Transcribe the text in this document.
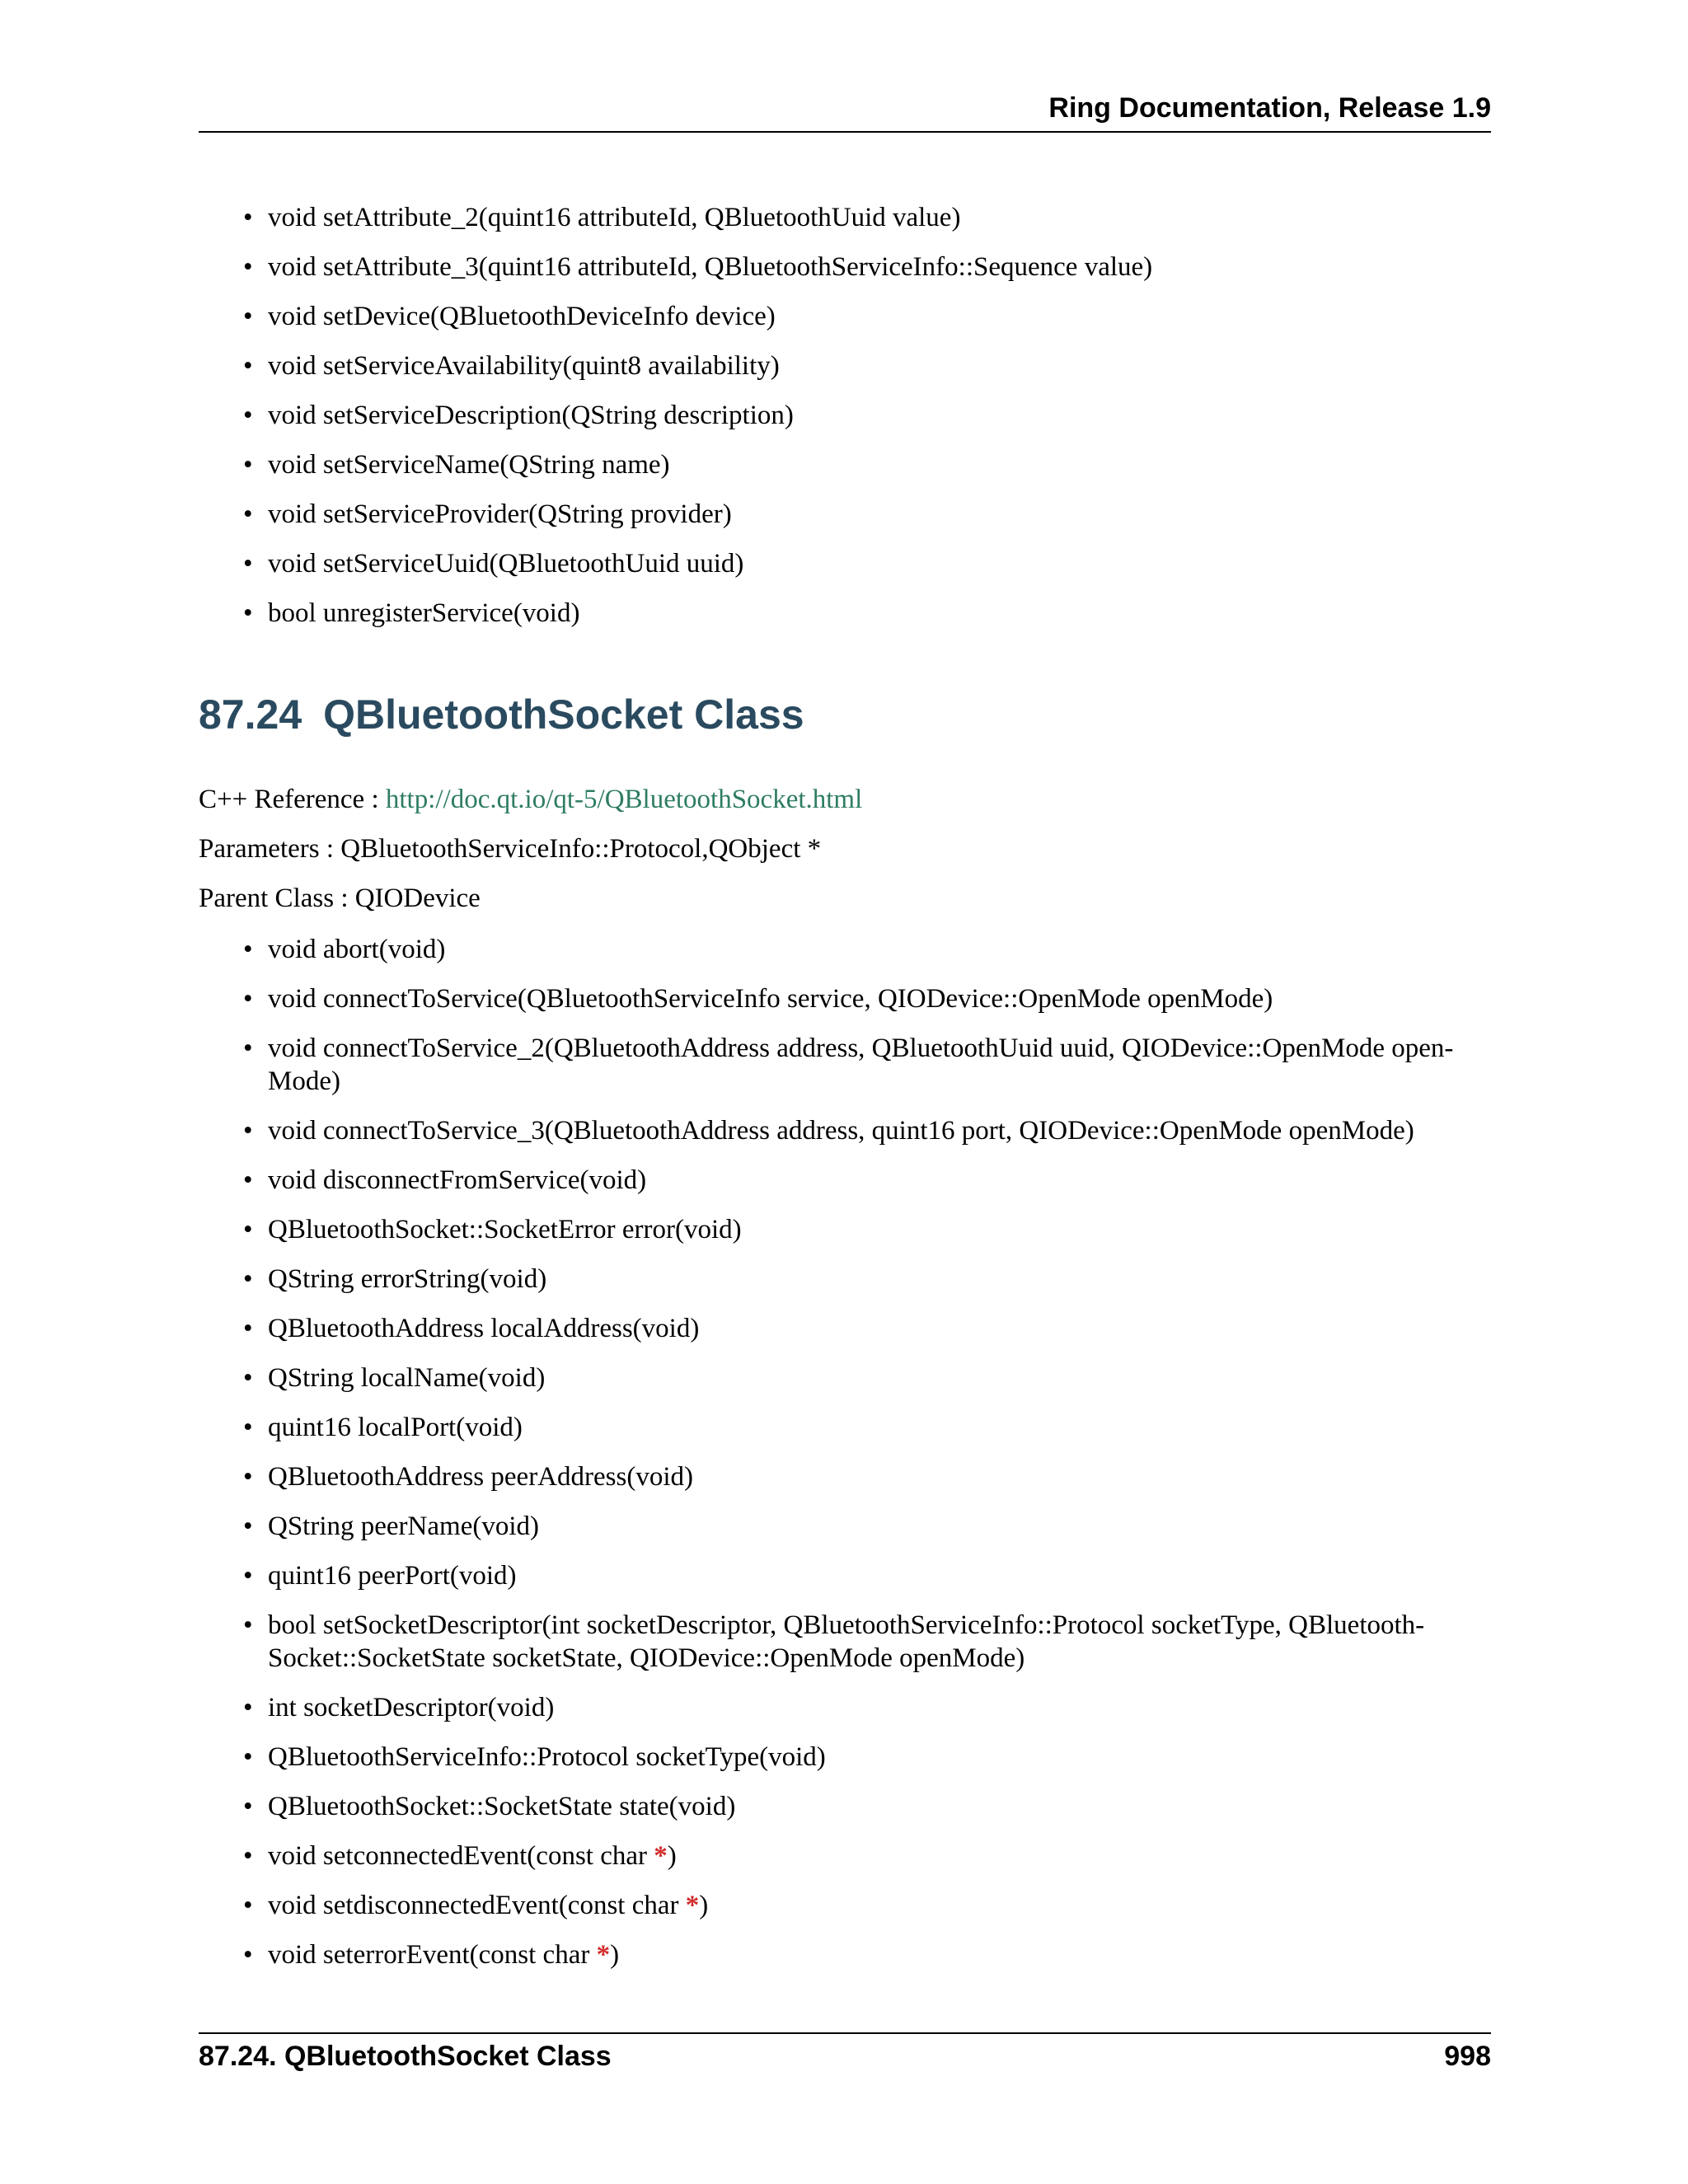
Ring Documentation, Release 1.9
• void setAttribute_2(quint16 attributeId, QBluetoothUuid value)
• void setAttribute_3(quint16 attributeId, QBluetoothServiceInfo::Sequence value)
• void setDevice(QBluetoothDeviceInfo device)
• void setServiceAvailability(quint8 availability)
• void setServiceDescription(QString description)
• void setServiceName(QString name)
• void setServiceProvider(QString provider)
• void setServiceUuid(QBluetoothUuid uuid)
• bool unregisterService(void)
87.24 QBluetoothSocket Class
C++ Reference : http://doc.qt.io/qt-5/QBluetoothSocket.html
Parameters : QBluetoothServiceInfo::Protocol,QObject *
Parent Class : QIODevice
• void abort(void)
• void connectToService(QBluetoothServiceInfo service, QIODevice::OpenMode openMode)
• void connectToService_2(QBluetoothAddress address, QBluetoothUuid uuid, QIODevice::OpenMode open-
Mode)
• void connectToService_3(QBluetoothAddress address, quint16 port, QIODevice::OpenMode openMode)
• void disconnectFromService(void)
• QBluetoothSocket::SocketError error(void)
• QString errorString(void)
• QBluetoothAddress localAddress(void)
• QString localName(void)
• quint16 localPort(void)
• QBluetoothAddress peerAddress(void)
• QString peerName(void)
• quint16 peerPort(void)
• bool setSocketDescriptor(int socketDescriptor, QBluetoothServiceInfo::Protocol socketType, QBluetooth-
Socket::SocketState socketState, QIODevice::OpenMode openMode)
• int socketDescriptor(void)
• QBluetoothServiceInfo::Protocol socketType(void)
• QBluetoothSocket::SocketState state(void)
• void setconnectedEvent(const char *)
• void setdisconnectedEvent(const char *)
• void seterrorEvent(const char *)
87.24. QBluetoothSocket Class	998
